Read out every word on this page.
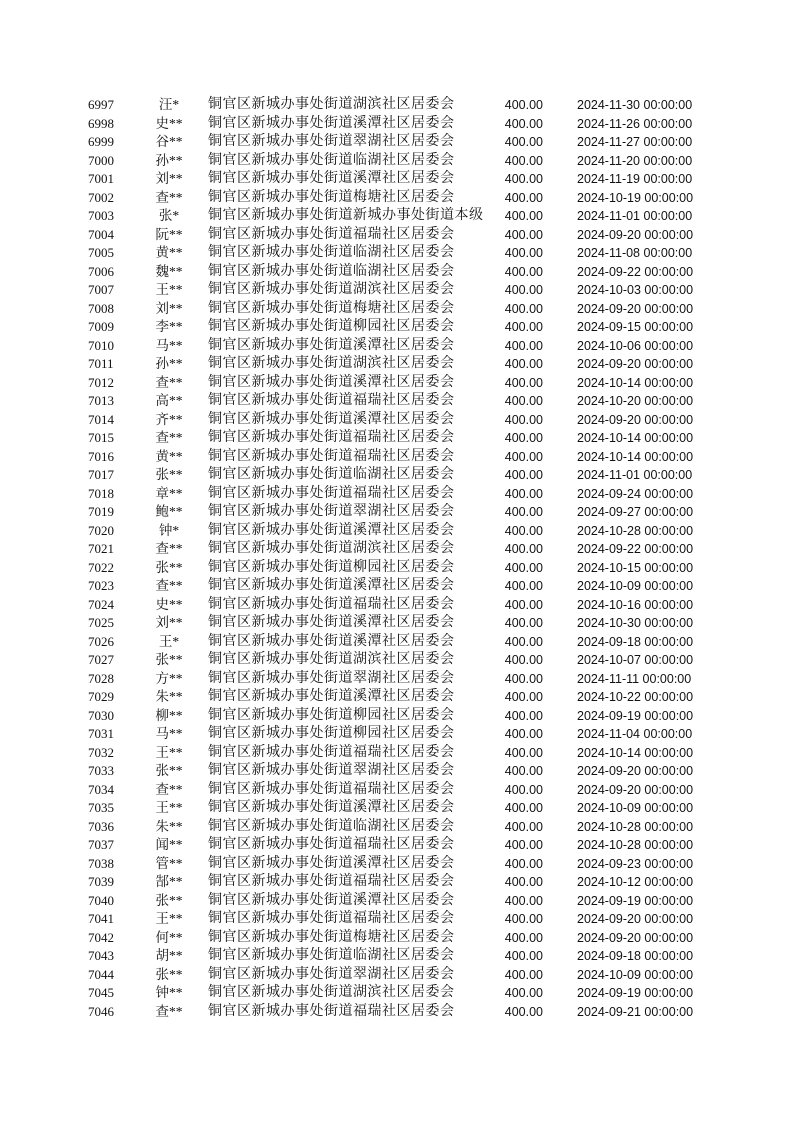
6997	汪*	铜官区新城办事处街道湖滨社区居委会	400.00	2024-11-30 00:00:00
6998	史**	铜官区新城办事处街道溪潭社区居委会	400.00	2024-11-26 00:00:00
6999	谷**	铜官区新城办事处街道翠湖社区居委会	400.00	2024-11-27 00:00:00
7000	孙**	铜官区新城办事处街道临湖社区居委会	400.00	2024-11-20 00:00:00
7001	刘**	铜官区新城办事处街道溪潭社区居委会	400.00	2024-11-19 00:00:00
7002	查**	铜官区新城办事处街道梅塘社区居委会	400.00	2024-10-19 00:00:00
7003	张*	铜官区新城办事处街道新城办事处街道本级	400.00	2024-11-01 00:00:00
7004	阮**	铜官区新城办事处街道福瑞社区居委会	400.00	2024-09-20 00:00:00
7005	黄**	铜官区新城办事处街道临湖社区居委会	400.00	2024-11-08 00:00:00
7006	魏**	铜官区新城办事处街道临湖社区居委会	400.00	2024-09-22 00:00:00
7007	王**	铜官区新城办事处街道湖滨社区居委会	400.00	2024-10-03 00:00:00
7008	刘**	铜官区新城办事处街道梅塘社区居委会	400.00	2024-09-20 00:00:00
7009	李**	铜官区新城办事处街道柳园社区居委会	400.00	2024-09-15 00:00:00
7010	马**	铜官区新城办事处街道溪潭社区居委会	400.00	2024-10-06 00:00:00
7011	孙**	铜官区新城办事处街道湖滨社区居委会	400.00	2024-09-20 00:00:00
7012	查**	铜官区新城办事处街道溪潭社区居委会	400.00	2024-10-14 00:00:00
7013	高**	铜官区新城办事处街道福瑞社区居委会	400.00	2024-10-20 00:00:00
7014	齐**	铜官区新城办事处街道溪潭社区居委会	400.00	2024-09-20 00:00:00
7015	查**	铜官区新城办事处街道福瑞社区居委会	400.00	2024-10-14 00:00:00
7016	黄**	铜官区新城办事处街道福瑞社区居委会	400.00	2024-10-14 00:00:00
7017	张**	铜官区新城办事处街道临湖社区居委会	400.00	2024-11-01 00:00:00
7018	章**	铜官区新城办事处街道福瑞社区居委会	400.00	2024-09-24 00:00:00
7019	鲍**	铜官区新城办事处街道翠湖社区居委会	400.00	2024-09-27 00:00:00
7020	钟*	铜官区新城办事处街道溪潭社区居委会	400.00	2024-10-28 00:00:00
7021	查**	铜官区新城办事处街道湖滨社区居委会	400.00	2024-09-22 00:00:00
7022	张**	铜官区新城办事处街道柳园社区居委会	400.00	2024-10-15 00:00:00
7023	查**	铜官区新城办事处街道溪潭社区居委会	400.00	2024-10-09 00:00:00
7024	史**	铜官区新城办事处街道福瑞社区居委会	400.00	2024-10-16 00:00:00
7025	刘**	铜官区新城办事处街道溪潭社区居委会	400.00	2024-10-30 00:00:00
7026	王*	铜官区新城办事处街道溪潭社区居委会	400.00	2024-09-18 00:00:00
7027	张**	铜官区新城办事处街道湖滨社区居委会	400.00	2024-10-07 00:00:00
7028	方**	铜官区新城办事处街道翠湖社区居委会	400.00	2024-11-11 00:00:00
7029	朱**	铜官区新城办事处街道溪潭社区居委会	400.00	2024-10-22 00:00:00
7030	柳**	铜官区新城办事处街道柳园社区居委会	400.00	2024-09-19 00:00:00
7031	马**	铜官区新城办事处街道柳园社区居委会	400.00	2024-11-04 00:00:00
7032	王**	铜官区新城办事处街道福瑞社区居委会	400.00	2024-10-14 00:00:00
7033	张**	铜官区新城办事处街道翠湖社区居委会	400.00	2024-09-20 00:00:00
7034	查**	铜官区新城办事处街道福瑞社区居委会	400.00	2024-09-20 00:00:00
7035	王**	铜官区新城办事处街道溪潭社区居委会	400.00	2024-10-09 00:00:00
7036	朱**	铜官区新城办事处街道临湖社区居委会	400.00	2024-10-28 00:00:00
7037	闻**	铜官区新城办事处街道福瑞社区居委会	400.00	2024-10-28 00:00:00
7038	管**	铜官区新城办事处街道溪潭社区居委会	400.00	2024-09-23 00:00:00
7039	郜**	铜官区新城办事处街道福瑞社区居委会	400.00	2024-10-12 00:00:00
7040	张**	铜官区新城办事处街道溪潭社区居委会	400.00	2024-09-19 00:00:00
7041	王**	铜官区新城办事处街道福瑞社区居委会	400.00	2024-09-20 00:00:00
7042	何**	铜官区新城办事处街道梅塘社区居委会	400.00	2024-09-20 00:00:00
7043	胡**	铜官区新城办事处街道临湖社区居委会	400.00	2024-09-18 00:00:00
7044	张**	铜官区新城办事处街道翠湖社区居委会	400.00	2024-10-09 00:00:00
7045	钟**	铜官区新城办事处街道湖滨社区居委会	400.00	2024-09-19 00:00:00
7046	查**	铜官区新城办事处街道福瑞社区居委会	400.00	2024-09-21 00:00:00
